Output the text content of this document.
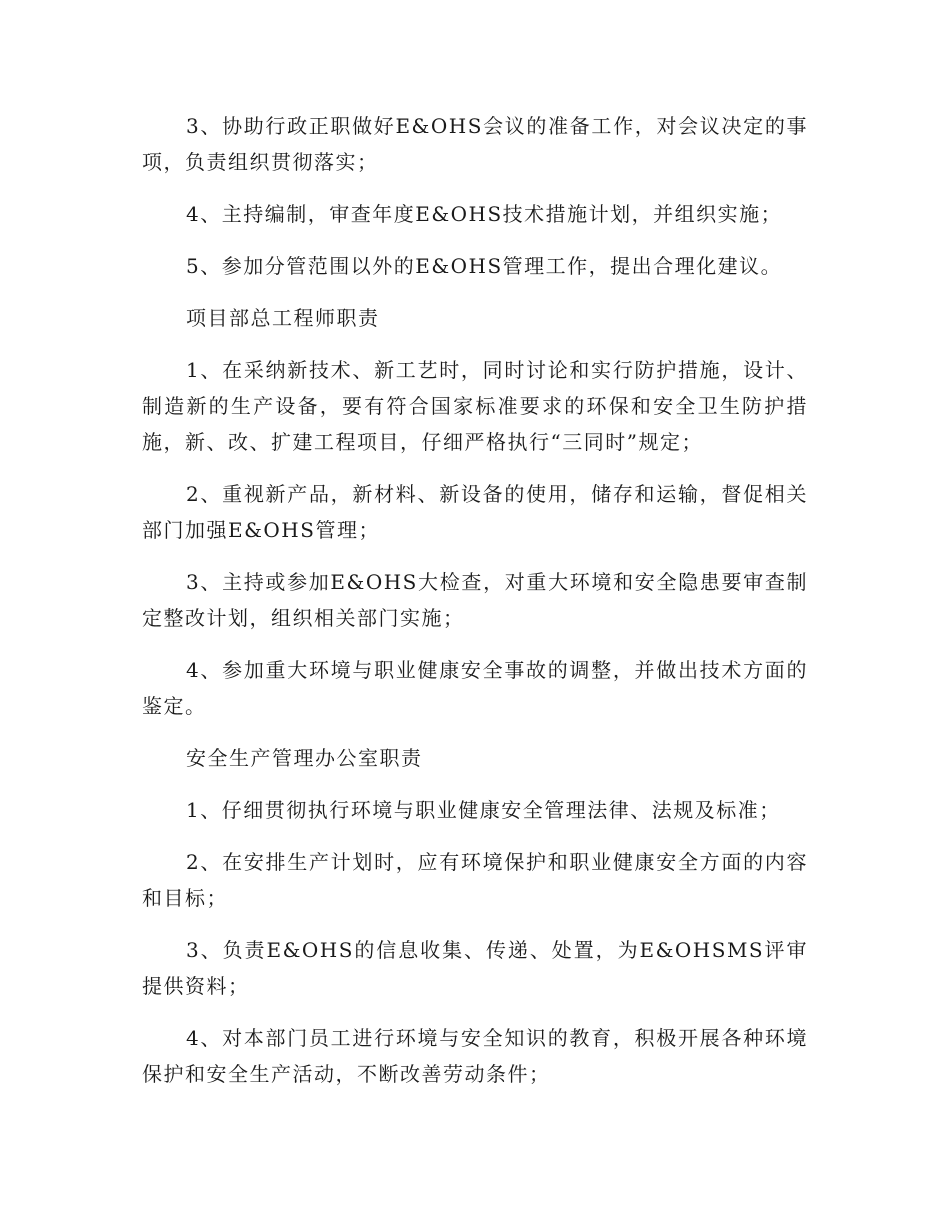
3、协助行政正职做好E&OHS会议的准备工作，对会议决定的事项，负责组织贯彻落实；

4、主持编制，审查年度E&OHS技术措施计划，并组织实施；

5、参加分管范围以外的E&OHS管理工作，提出合理化建议。

项目部总工程师职责

1、在采纳新技术、新工艺时，同时讨论和实行防护措施，设计、制造新的生产设备，要有符合国家标准要求的环保和安全卫生防护措施，新、改、扩建工程项目，仔细严格执行“三同时”规定；

2、重视新产品，新材料、新设备的使用，储存和运输，督促相关部门加强E&OHS管理；

3、主持或参加E&OHS大检查，对重大环境和安全隐患要审查制定整改计划，组织相关部门实施；

4、参加重大环境与职业健康安全事故的调整，并做出技术方面的鉴定。

安全生产管理办公室职责

1、仔细贯彻执行环境与职业健康安全管理法律、法规及标准；

2、在安排生产计划时，应有环境保护和职业健康安全方面的内容和目标；

3、负责E&OHS的信息收集、传递、处置，为E&OHSMS评审提供资料；

4、对本部门员工进行环境与安全知识的教育，积极开展各种环境保护和安全生产活动，不断改善劳动条件；
